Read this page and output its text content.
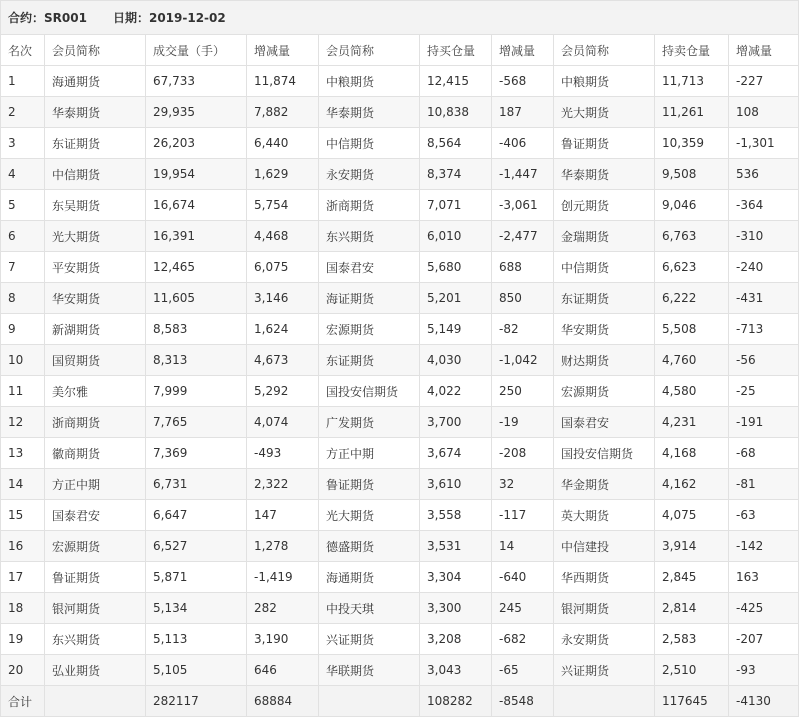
合约：SR001 日期：2019-12-02									
名次	会员简称	成交量（手）	增减量	会员简称	持买仓量	增减量	会员简称	持卖仓量	增减量
1	海通期货	67,733	11,874	中粮期货	12,415	-568	中粮期货	11,713	-227
2	华泰期货	29,935	7,882	华泰期货	10,838	187	光大期货	11,261	108
3	东证期货	26,203	6,440	中信期货	8,564	-406	鲁证期货	10,359	-1,301
4	中信期货	19,954	1,629	永安期货	8,374	-1,447	华泰期货	9,508	536
5	东吴期货	16,674	5,754	浙商期货	7,071	-3,061	创元期货	9,046	-364
6	光大期货	16,391	4,468	东兴期货	6,010	-2,477	金瑞期货	6,763	-310
7	平安期货	12,465	6,075	国泰君安	5,680	688	中信期货	6,623	-240
8	华安期货	11,605	3,146	海证期货	5,201	850	东证期货	6,222	-431
9	新湖期货	8,583	1,624	宏源期货	5,149	-82	华安期货	5,508	-713
10	国贸期货	8,313	4,673	东证期货	4,030	-1,042	财达期货	4,760	-56
11	美尔雅	7,999	5,292	国投安信期货	4,022	250	宏源期货	4,580	-25
12	浙商期货	7,765	4,074	广发期货	3,700	-19	国泰君安	4,231	-191
13	徽商期货	7,369	-493	方正中期	3,674	-208	国投安信期货	4,168	-68
14	方正中期	6,731	2,322	鲁证期货	3,610	32	华金期货	4,162	-81
15	国泰君安	6,647	147	光大期货	3,558	-117	英大期货	4,075	-63
16	宏源期货	6,527	1,278	德盛期货	3,531	14	中信建投	3,914	-142
17	鲁证期货	5,871	-1,419	海通期货	3,304	-640	华西期货	2,845	163
18	银河期货	5,134	282	中投天琪	3,300	245	银河期货	2,814	-425
19	东兴期货	5,113	3,190	兴证期货	3,208	-682	永安期货	2,583	-207
20	弘业期货	5,105	646	华联期货	3,043	-65	兴证期货	2,510	-93
合计		282117	68884		108282	-8548		117645	-4130
